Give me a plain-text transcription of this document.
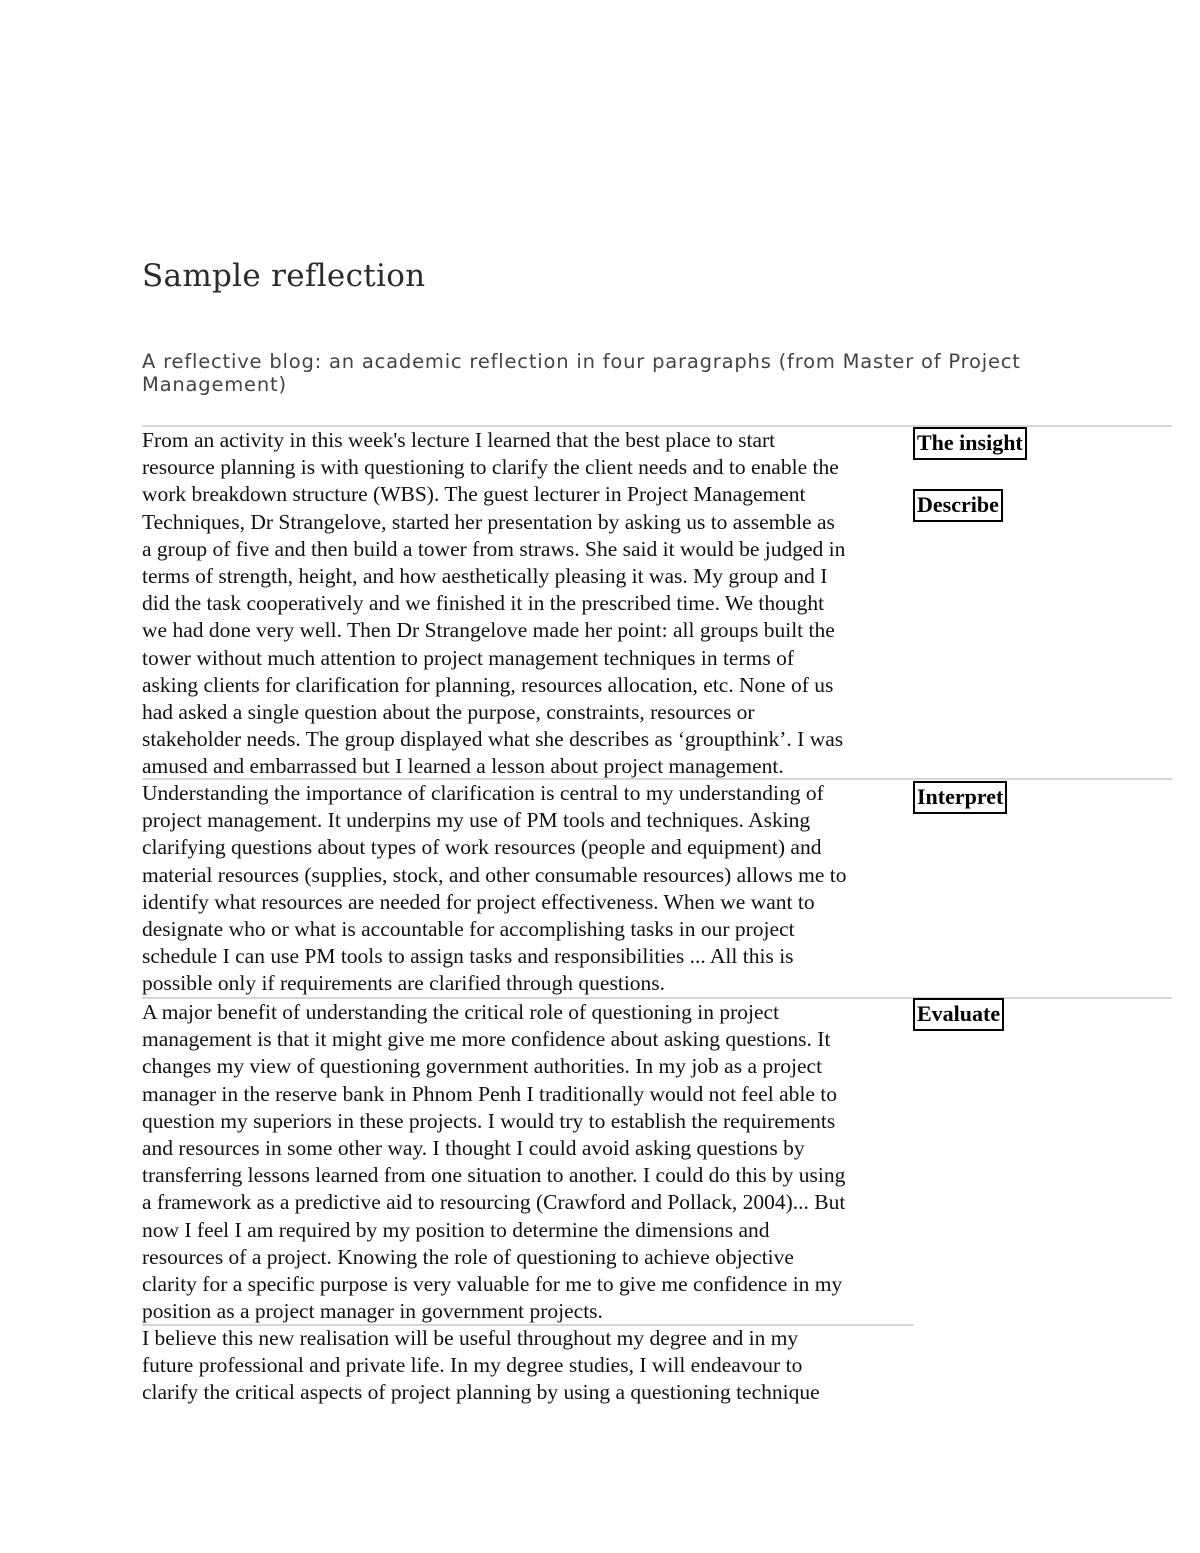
Sample reflection

A reflective blog: an academic reflection in four paragraphs (from Master of Project Management)

From an activity in this week's lecture I learned that the best place to start
resource planning is with questioning to clarify the client needs and to enable the
work breakdown structure (WBS). The guest lecturer in Project Management
Techniques, Dr Strangelove, started her presentation by asking us to assemble as
a group of five and then build a tower from straws. She said it would be judged in
terms of strength, height, and how aesthetically pleasing it was. My group and I
did the task cooperatively and we finished it in the prescribed time. We thought
we had done very well. Then Dr Strangelove made her point: all groups built the
tower without much attention to project management techniques in terms of
asking clients for clarification for planning, resources allocation, etc. None of us
had asked a single question about the purpose, constraints, resources or
stakeholder needs. The group displayed what she describes as ‘groupthink’. I was
amused and embarrassed but I learned a lesson about project management.
The insight
Describe
Understanding the importance of clarification is central to my understanding of
project management. It underpins my use of PM tools and techniques. Asking
clarifying questions about types of work resources (people and equipment) and
material resources (supplies, stock, and other consumable resources) allows me to
identify what resources are needed for project effectiveness. When we want to
designate who or what is accountable for accomplishing tasks in our project
schedule I can use PM tools to assign tasks and responsibilities ... All this is
possible only if requirements are clarified through questions.
Interpret
A major benefit of understanding the critical role of questioning in project
management is that it might give me more confidence about asking questions. It
changes my view of questioning government authorities. In my job as a project
manager in the reserve bank in Phnom Penh I traditionally would not feel able to
question my superiors in these projects. I would try to establish the requirements
and resources in some other way. I thought I could avoid asking questions by
transferring lessons learned from one situation to another. I could do this by using
a framework as a predictive aid to resourcing (Crawford and Pollack, 2004)... But
now I feel I am required by my position to determine the dimensions and
resources of a project. Knowing the role of questioning to achieve objective
clarity for a specific purpose is very valuable for me to give me confidence in my
position as a project manager in government projects.
Evaluate
I believe this new realisation will be useful throughout my degree and in my
future professional and private life. In my degree studies, I will endeavour to
clarify the critical aspects of project planning by using a questioning technique
